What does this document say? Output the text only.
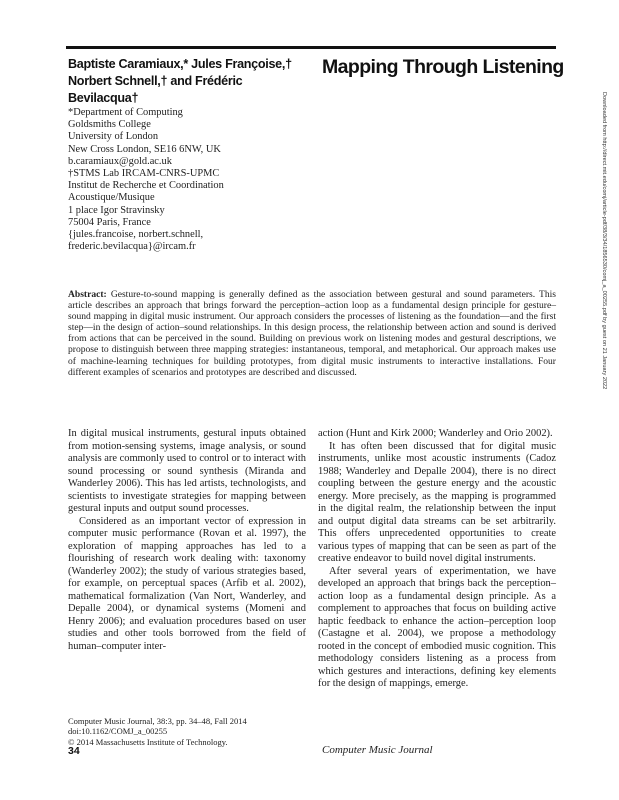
Baptiste Caramiaux,* Jules Françoise,†
Norbert Schnell,† and Frédéric
Bevilacqua†
Mapping Through Listening
*Department of Computing
Goldsmiths College
University of London
New Cross London, SE16 6NW, UK
b.caramiaux@gold.ac.uk
†STMS Lab IRCAM-CNRS-UPMC
Institut de Recherche et Coordination
Acoustique/Musique
1 place Igor Stravinsky
75004 Paris, France
{jules.francoise, norbert.schnell,
frederic.bevilacqua}@ircam.fr
Abstract: Gesture-to-sound mapping is generally defined as the association between gestural and sound parameters. This article describes an approach that brings forward the perception–action loop as a fundamental design principle for gesture–sound mapping in digital music instrument. Our approach considers the processes of listening as the foundation—and the first step—in the design of action–sound relationships. In this design process, the relationship between action and sound is derived from actions that can be perceived in the sound. Building on previous work on listening modes and gestural descriptions, we propose to distinguish between three mapping strategies: instantaneous, temporal, and metaphorical. Our approach makes use of machine-learning techniques for building prototypes, from digital music instruments to interactive installations. Four different examples of scenarios and prototypes are described and discussed.

In digital musical instruments, gestural inputs obtained from motion-sensing systems, image analysis, or sound analysis are commonly used to control or to interact with sound processing or sound synthesis (Miranda and Wanderley 2006). This has led artists, technologists, and scientists to investigate strategies for mapping between gestural inputs and output sound processes.

Considered as an important vector of expression in computer music performance (Rovan et al. 1997), the exploration of mapping approaches has led to a flourishing of research work dealing with: taxonomy (Wanderley 2002); the study of various strategies based, for example, on perceptual spaces (Arfib et al. 2002), mathematical formalization (Van Nort, Wanderley, and Depalle 2004), or dynamical systems (Momeni and Henry 2006); and evaluation procedures based on user studies and other tools borrowed from the field of human–computer inter-

action (Hunt and Kirk 2000; Wanderley and Orio 2002).

It has often been discussed that for digital music instruments, unlike most acoustic instruments (Cadoz 1988; Wanderley and Depalle 2004), there is no direct coupling between the gesture energy and the acoustic energy. More precisely, as the mapping is programmed in the digital realm, the relationship between the input and output digital data streams can be set arbitrarily. This offers unprecedented opportunities to create various types of mapping that can be seen as part of the creative endeavor to build novel digital instruments.

After several years of experimentation, we have developed an approach that brings back the perception–action loop as a fundamental design principle. As a complement to approaches that focus on building active haptic feedback to enhance the action–perception loop (Castagne et al. 2004), we propose a methodology rooted in the concept of embodied music cognition. This methodology considers listening as a process from which gestures and interactions, defining key elements for the design of mappings, emerge.

Computer Music Journal, 38:3, pp. 34–48, Fall 2014
doi:10.1162/COMJ_a_00255
© 2014 Massachusetts Institute of Technology.
34	Computer Music Journal
Downloaded from http://direct.mit.edu/comj/article-pdf/38/3/34/1856530/comj_a_00255.pdf by guest on 21 January 2022
